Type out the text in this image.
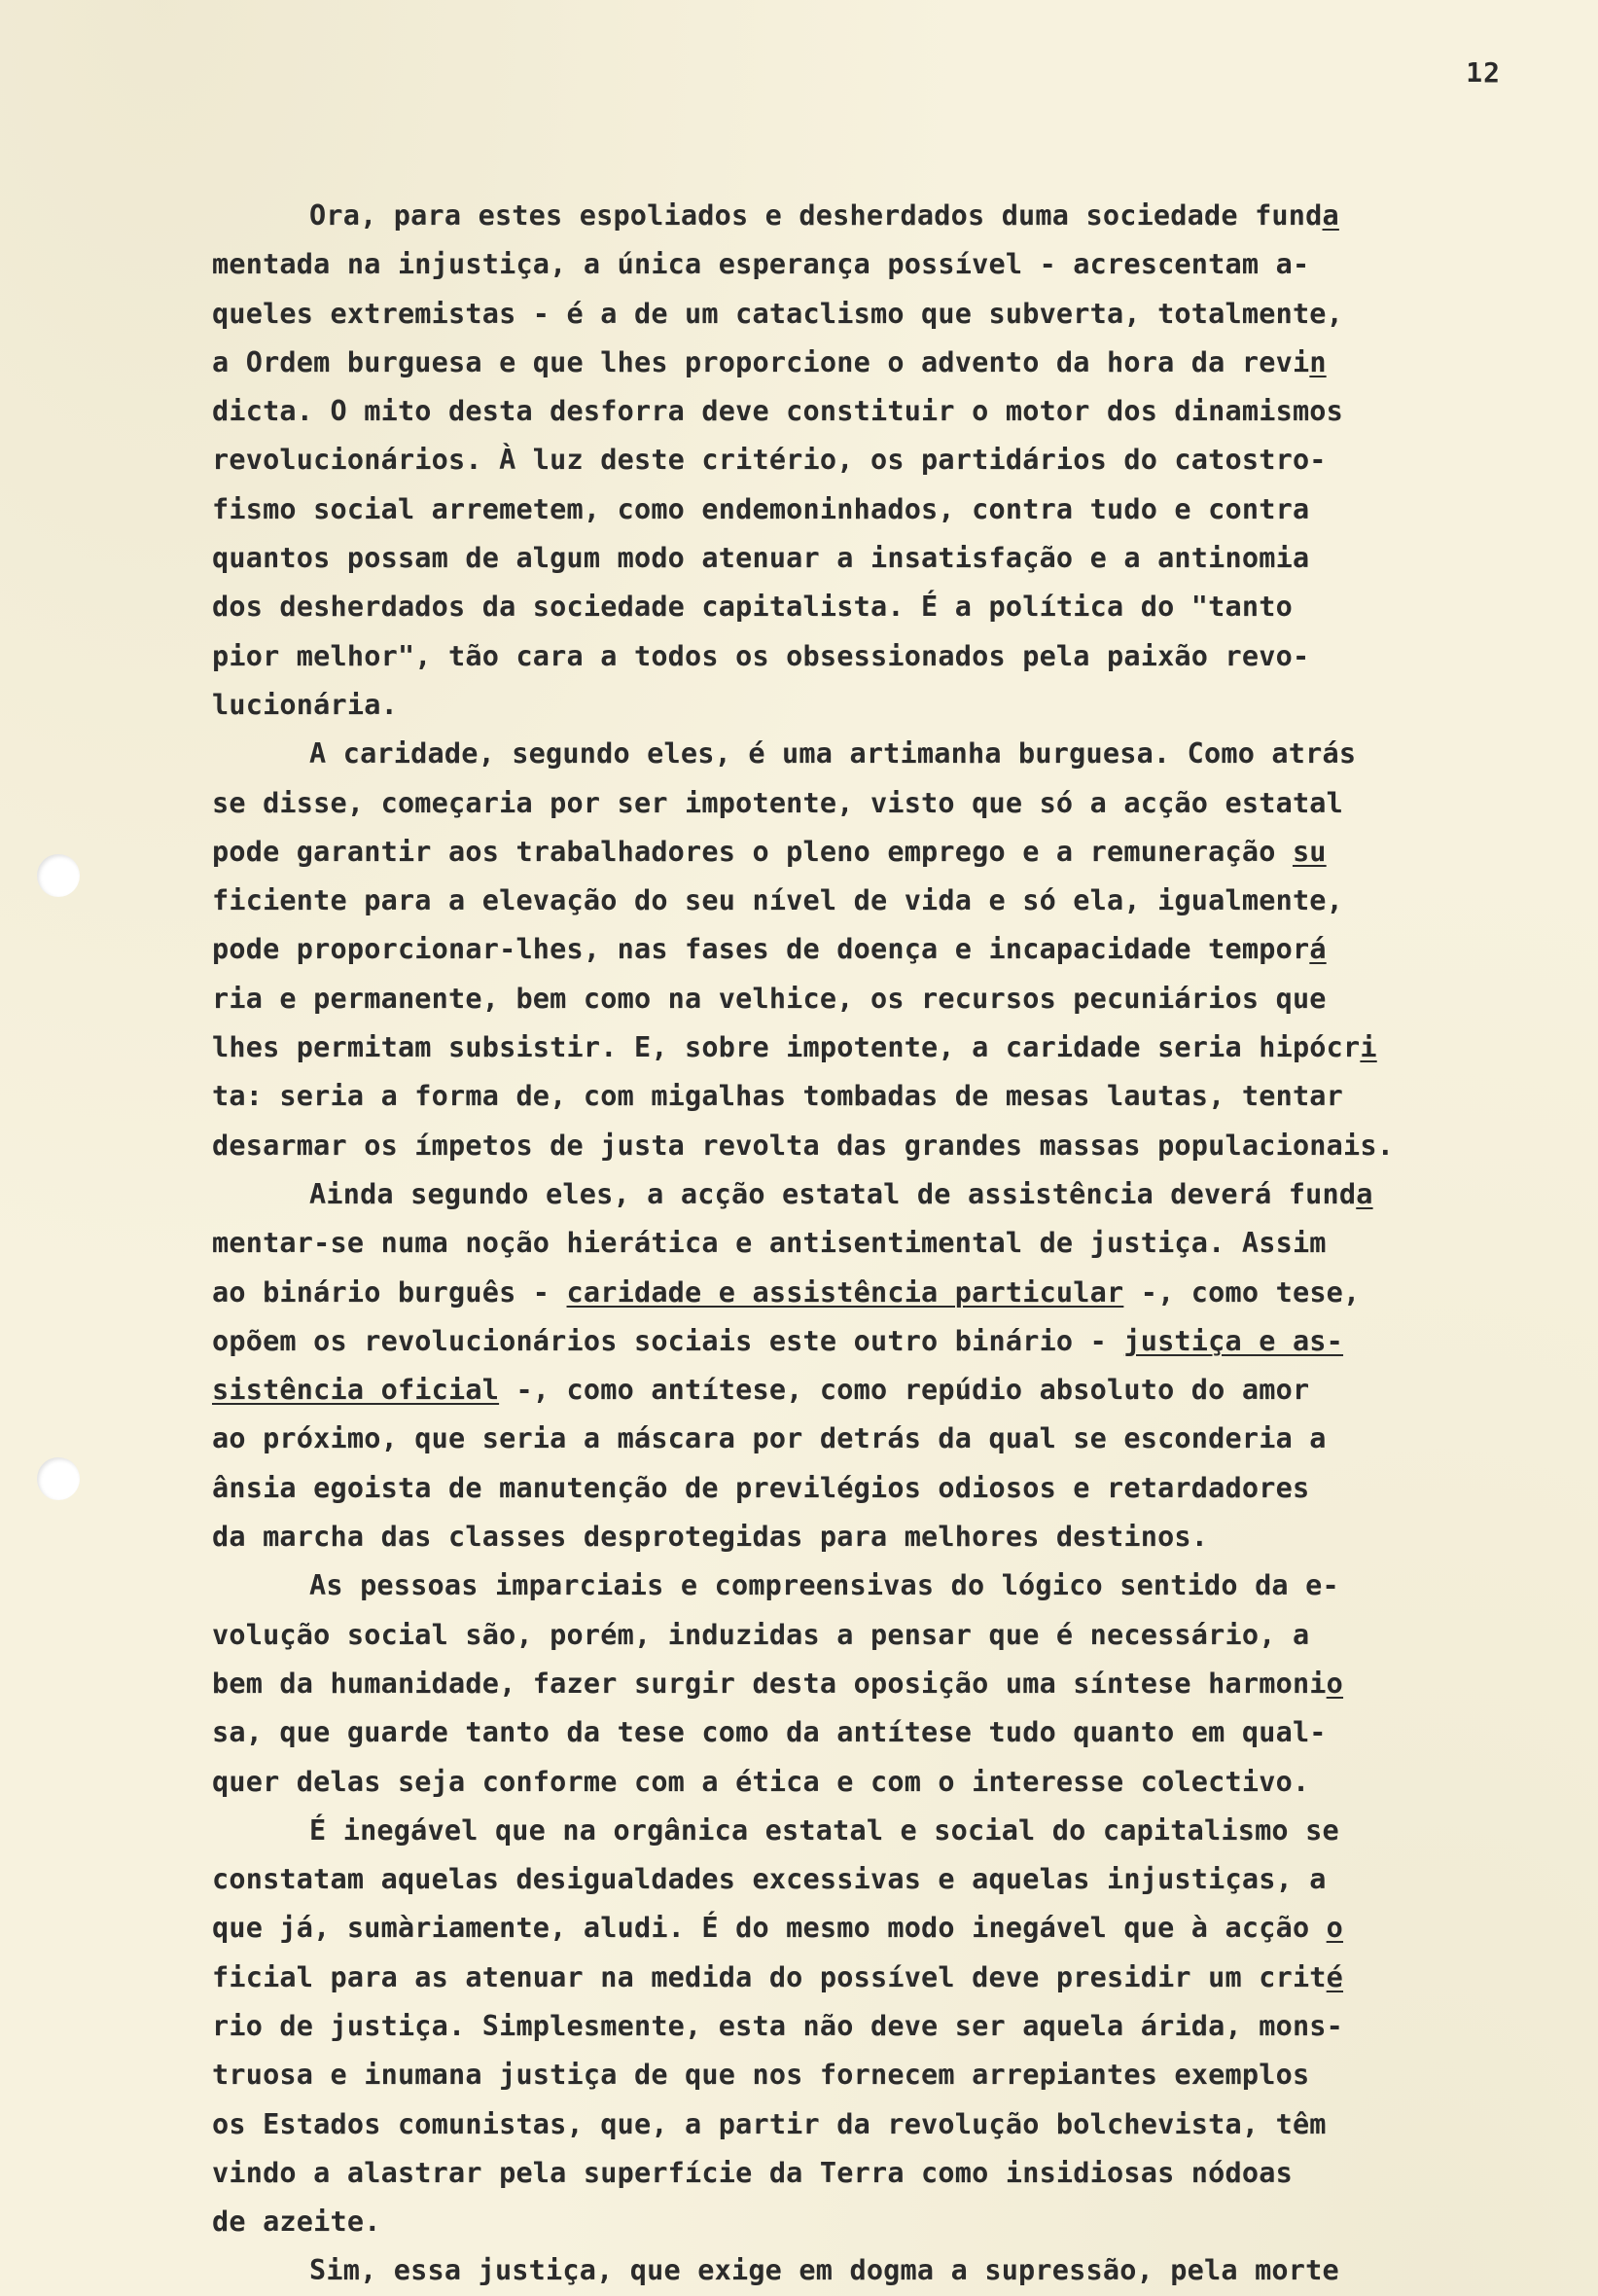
12
Ora, para estes espoliados e desherdados duma sociedade funda
mentada na injustiça, a única esperança possível - acrescentam a-
queles extremistas - é a de um cataclismo que subverta, totalmente,
a Ordem burguesa e que lhes proporcione o advento da hora da revin
dicta. O mito desta desforra deve constituir o motor dos dinamismos
revolucionários. À luz deste critério, os partidários do catostro-
fismo social arremetem, como endemoninhados, contra tudo e contra
quantos possam de algum modo atenuar a insatisfação e a antinomia
dos desherdados da sociedade capitalista. É a política do "tanto
pior melhor", tão cara a todos os obsessionados pela paixão revo-
lucionária.
A caridade, segundo eles, é uma artimanha burguesa. Como atrás
se disse, começaria por ser impotente, visto que só a acção estatal
pode garantir aos trabalhadores o pleno emprego e a remuneração su
ficiente para a elevação do seu nível de vida e só ela, igualmente,
pode proporcionar-lhes, nas fases de doença e incapacidade temporá
ria e permanente, bem como na velhice, os recursos pecuniários que
lhes permitam subsistir. E, sobre impotente, a caridade seria hipócri
ta: seria a forma de, com migalhas tombadas de mesas lautas, tentar
desarmar os ímpetos de justa revolta das grandes massas populacionais.
Ainda segundo eles, a acção estatal de assistência deverá funda
mentar-se numa noção hierática e antisentimental de justiça. Assim
ao binário burguês - caridade e assistência particular -, como tese,
opõem os revolucionários sociais este outro binário - justiça e as-
sistência oficial -, como antítese, como repúdio absoluto do amor
ao próximo, que seria a máscara por detrás da qual se esconderia a
ânsia egoista de manutenção de previlégios odiosos e retardadores
da marcha das classes desprotegidas para melhores destinos.
As pessoas imparciais e compreensivas do lógico sentido da e-
volução social são, porém, induzidas a pensar que é necessário, a
bem da humanidade, fazer surgir desta oposição uma síntese harmonio
sa, que guarde tanto da tese como da antítese tudo quanto em qual-
quer delas seja conforme com a ética e com o interesse colectivo.
É inegável que na orgânica estatal e social do capitalismo se
constatam aquelas desigualdades excessivas e aquelas injustiças, a
que já, sumàriamente, aludi. É do mesmo modo inegável que à acção o
ficial para as atenuar na medida do possível deve presidir um crité
rio de justiça. Simplesmente, esta não deve ser aquela árida, mons-
truosa e inumana justiça de que nos fornecem arrepiantes exemplos
os Estados comunistas, que, a partir da revolução bolchevista, têm
vindo a alastrar pela superfície da Terra como insidiosas nódoas
de azeite.
Sim, essa justiça, que exige em dogma a supressão, pela morte
